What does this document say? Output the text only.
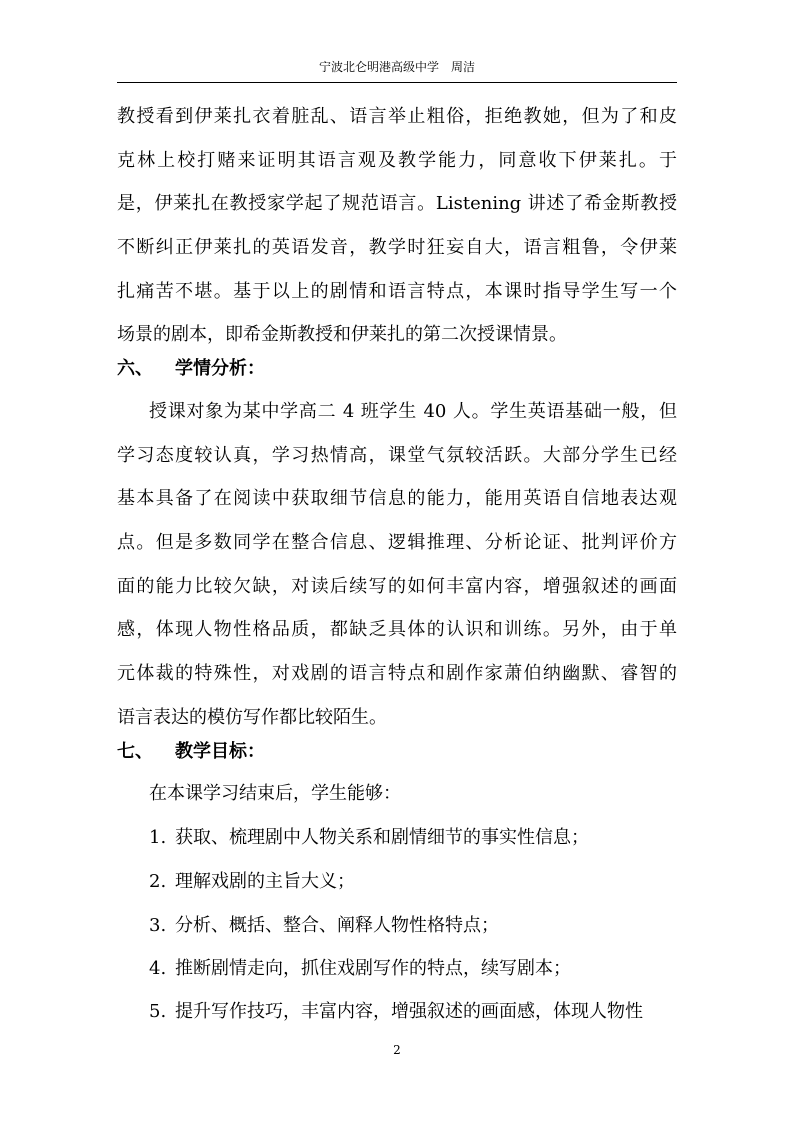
宁波北仑明港高级中学　周洁
教授看到伊莱扎衣着脏乱、语言举止粗俗，拒绝教她，但为了和皮
克林上校打赌来证明其语言观及教学能力，同意收下伊莱扎。于
是，伊莱扎在教授家学起了规范语言。Listening 讲述了希金斯教授
不断纠正伊莱扎的英语发音，教学时狂妄自大，语言粗鲁，令伊莱
扎痛苦不堪。基于以上的剧情和语言特点，本课时指导学生写一个
场景的剧本，即希金斯教授和伊莱扎的第二次授课情景。
六、 学情分析：
授课对象为某中学高二 4 班学生 40 人。学生英语基础一般，但
学习态度较认真，学习热情高，课堂气氛较活跃。大部分学生已经
基本具备了在阅读中获取细节信息的能力，能用英语自信地表达观
点。但是多数同学在整合信息、逻辑推理、分析论证、批判评价方
面的能力比较欠缺，对读后续写的如何丰富内容，增强叙述的画面
感，体现人物性格品质，都缺乏具体的认识和训练。另外，由于单
元体裁的特殊性，对戏剧的语言特点和剧作家萧伯纳幽默、睿智的
语言表达的模仿写作都比较陌生。
七、 教学目标：
在本课学习结束后，学生能够：
1. 获取、梳理剧中人物关系和剧情细节的事实性信息；
2. 理解戏剧的主旨大义；
3. 分析、概括、整合、阐释人物性格特点；
4. 推断剧情走向，抓住戏剧写作的特点，续写剧本；
5. 提升写作技巧，丰富内容，增强叙述的画面感，体现人物性
2
